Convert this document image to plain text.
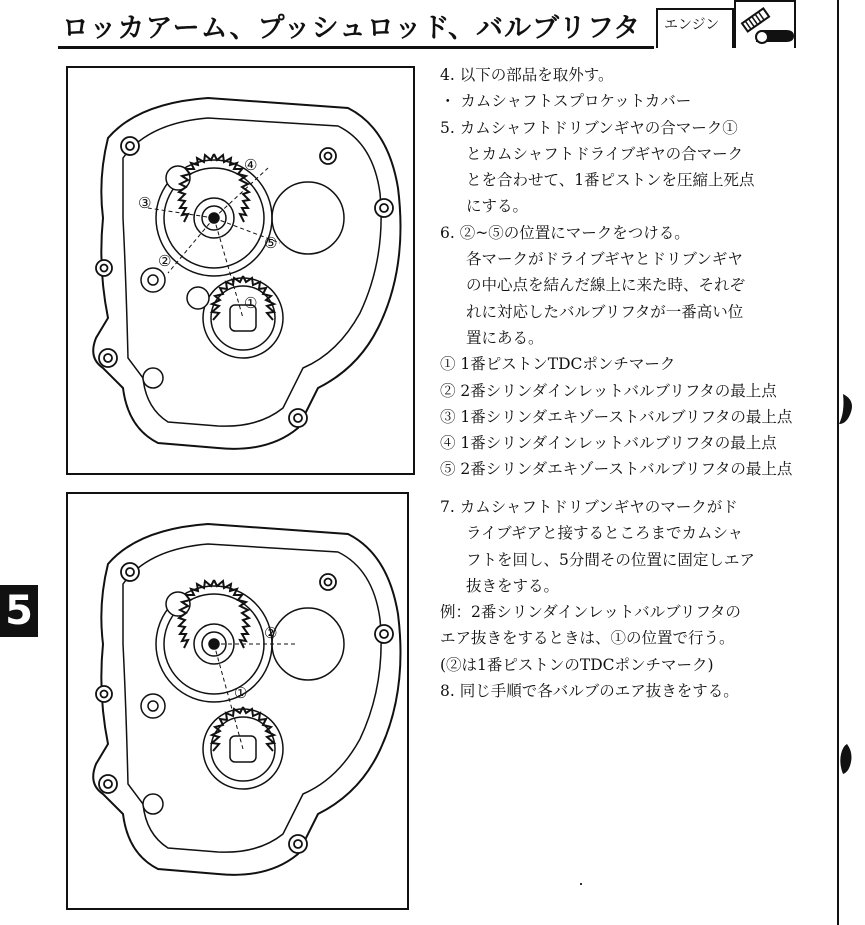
ロッカアーム、プッシュロッド、バルブリフタ	エンジン
5
①
②
③
④
⑤
①
②
4. 以下の部品を取外す。
・ カムシャフトスプロケットカバー
5. カムシャフトドリブンギヤの合マーク①
とカムシャフトドライブギヤの合マーク
とを合わせて、1番ピストンを圧縮上死点
にする。
6. ②~⑤の位置にマークをつける。
各マークがドライブギヤとドリブンギヤ
の中心点を結んだ線上に来た時、それぞ
れに対応したバルブリフタが一番高い位
置にある。
① 1番ピストンTDCポンチマーク
② 2番シリンダインレットバルブリフタの最上点
③ 1番シリンダエキゾーストバルブリフタの最上点
④ 1番シリンダインレットバルブリフタの最上点
⑤ 2番シリンダエキゾーストバルブリフタの最上点
7. カムシャフトドリブンギヤのマークがド
ライブギアと接するところまでカムシャ
フトを回し、5分間その位置に固定しエア
抜きをする。
例：2番シリンダインレットバルブリフタの
エア抜きをするときは、①の位置で行う。
(②は1番ピストンのTDCポンチマーク)
8. 同じ手順で各バルブのエア抜きをする。
